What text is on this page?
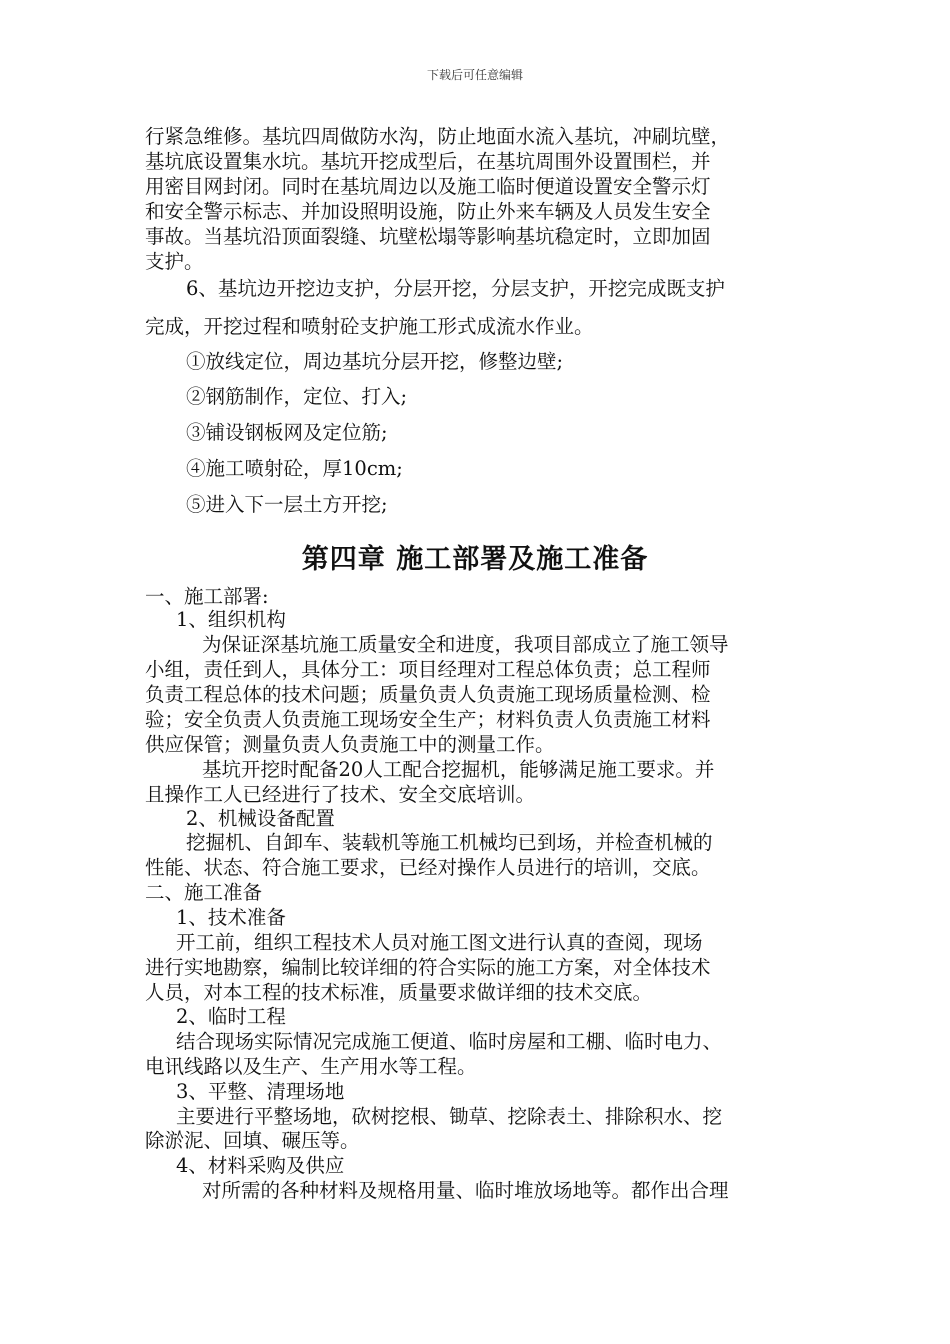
下载后可任意编辑
行紧急维修。基坑四周做防水沟，防止地面水流入基坑，冲刷坑壁，
基坑底设置集水坑。基坑开挖成型后，在基坑周围外设置围栏，并
用密目网封闭。同时在基坑周边以及施工临时便道设置安全警示灯
和安全警示标志、并加设照明设施，防止外来车辆及人员发生安全
事故。当基坑沿顶面裂缝、坑壁松塌等影响基坑稳定时，立即加固
支护。
6、基坑边开挖边支护，分层开挖，分层支护，开挖完成既支护
完成，开挖过程和喷射砼支护施工形式成流水作业。
①放线定位，周边基坑分层开挖，修整边壁;
②钢筋制作，定位、打入;
③铺设钢板网及定位筋;
④施工喷射砼，厚10cm;
⑤进入下一层土方开挖;
第四章 施工部署及施工准备
一、施工部署:
1、组织机构
为保证深基坑施工质量安全和进度，我项目部成立了施工领导
小组，责任到人，具体分工：项目经理对工程总体负责；总工程师
负责工程总体的技术问题；质量负责人负责施工现场质量检测、检
验；安全负责人负责施工现场安全生产；材料负责人负责施工材料
供应保管；测量负责人负责施工中的测量工作。
基坑开挖时配备20人工配合挖掘机，能够满足施工要求。并
且操作工人已经进行了技术、安全交底培训。
2、机械设备配置
挖掘机、自卸车、装载机等施工机械均已到场，并检查机械的
性能、状态、符合施工要求，已经对操作人员进行的培训，交底。
二、施工准备
1、技术准备
开工前，组织工程技术人员对施工图文进行认真的查阅，现场
进行实地勘察，编制比较详细的符合实际的施工方案，对全体技术
人员，对本工程的技术标准，质量要求做详细的技术交底。
2、临时工程
结合现场实际情况完成施工便道、临时房屋和工棚、临时电力、
电讯线路以及生产、生产用水等工程。
3、平整、清理场地
主要进行平整场地，砍树挖根、锄草、挖除表土、排除积水、挖
除淤泥、回填、碾压等。
4、材料采购及供应
对所需的各种材料及规格用量、临时堆放场地等。都作出合理
